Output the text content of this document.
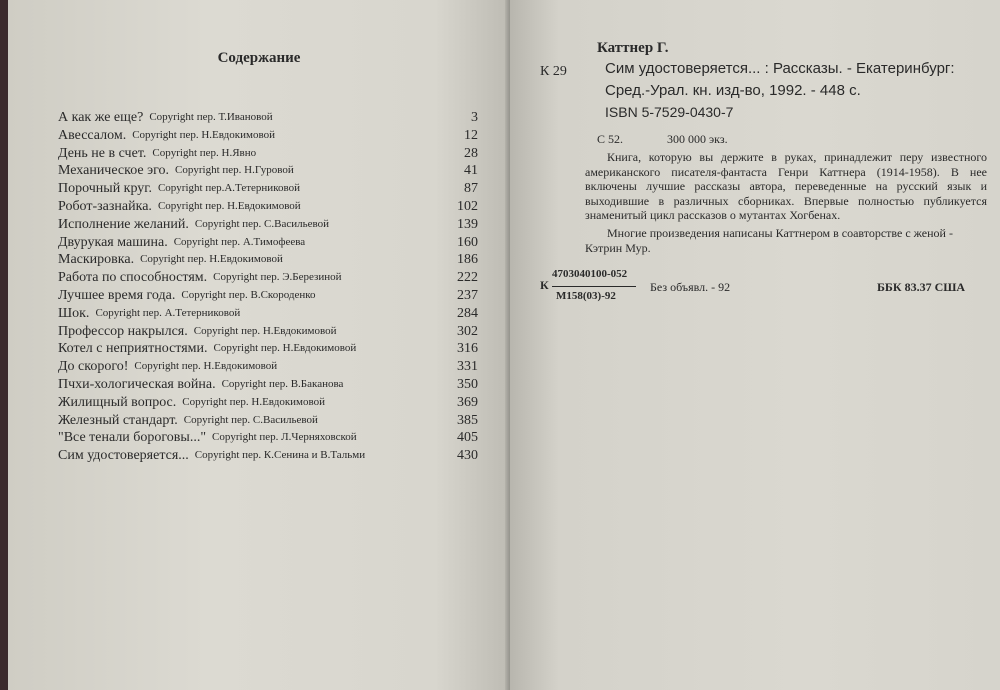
Содержание
А как же еще? Copyright пер. Т.Ивановой	3
Авессалом. Copyright пер. Н.Евдокимовой	12
День не в счет. Copyright пер. Н.Явно	28
Механическое эго. Copyright пер. Н.Гуровой	41
Порочный круг. Copyright пер.А.Тетерниковой	87
Робот-зазнайка. Copyright пер. Н.Евдокимовой	102
Исполнение желаний. Copyright пер. С.Васильевой	139
Двурукая машина. Copyright пер. А.Тимофеева	160
Маскировка. Copyright пер. Н.Евдокимовой	186
Работа по способностям. Copyright пер. Э.Березиной	222
Лучшее время года. Copyright пер. В.Скороденко	237
Шок. Copyright пер. А.Тетерниковой	284
Профессор накрылся. Copyright пер. Н.Евдокимовой	302
Котел с неприятностями. Copyright пер. Н.Евдокимовой	316
До скорого! Copyright пер. Н.Евдокимовой	331
Пчхи-хологическая война. Copyright пер. В.Баканова	350
Жилищный вопрос. Copyright пер. Н.Евдокимовой	369
Железный стандарт. Copyright пер. С.Васильевой	385
"Все тенали бороговы..." Copyright пер. Л.Черняховской	405
Сим удостоверяется... Copyright пер. К.Сенина и В.Тальми	430
Каттнер Г.
К 29	Сим удостоверяется... : Рассказы. - Екатеринбург:
Сред.-Урал. кн. изд-во, 1992. - 448 с.
ISBN 5-7529-0430-7
С 52.	300 000 экз.

Книга, которую вы держите в руках, принадлежит перу известного американского писателя-фантаста Генри Каттнера (1914-1958). В нее включены лучшие рассказы автора, переведенные на русский язык и выходившие в различных сборниках. Впервые полностью публикуется знаменитый цикл рассказов о мутантах Хогбенах.

Многие произведения написаны Каттнером в соавторстве с женой - Кэтрин Мур.

К
4703040100-052
М158(03)-92
Без объявл. - 92	ББК 83.37 США
